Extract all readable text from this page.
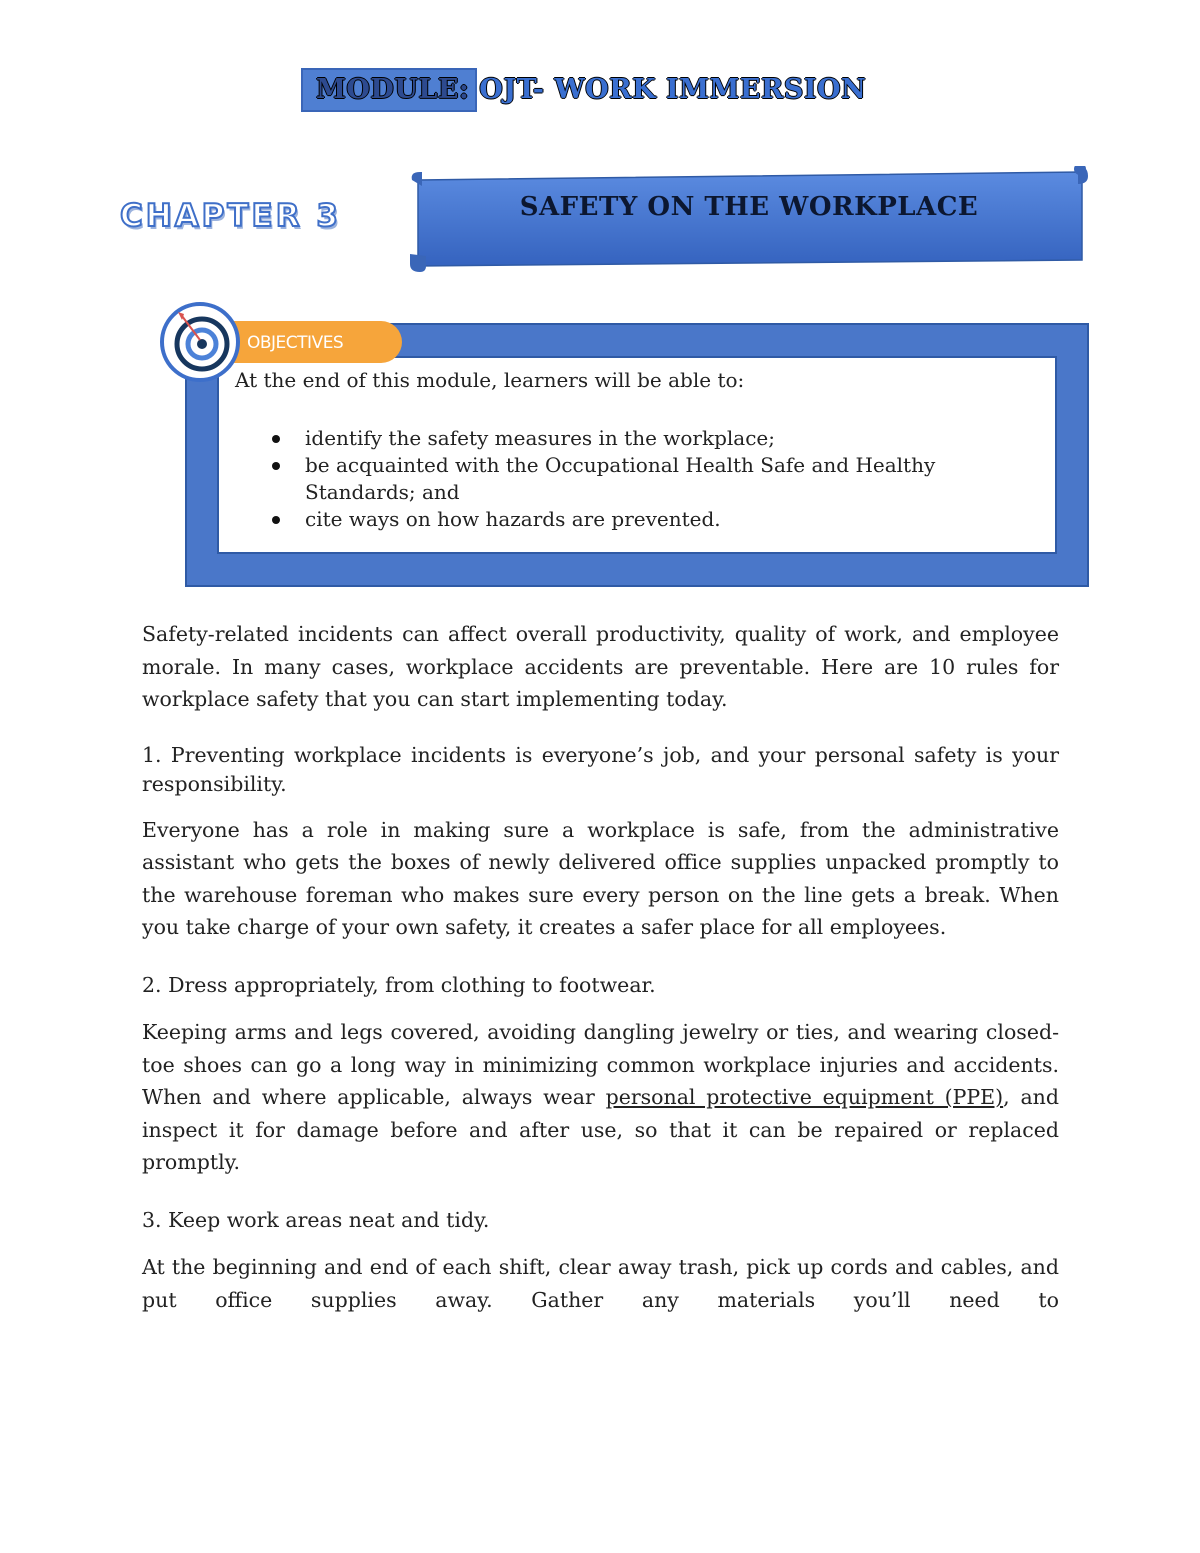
MODULE: OJT- WORK IMMERSION
CHAPTER 3	SAFETY ON THE WORKPLACE
OBJECTIVES
At the end of this module, learners will be able to:
identify the safety measures in the workplace;
be acquainted with the Occupational Health Safe and Healthy Standards; and
cite ways on how hazards are prevented.

Safety-related incidents can affect overall productivity, quality of work, and employee morale. In many cases, workplace accidents are preventable. Here are 10 rules for workplace safety that you can start implementing today.

1. Preventing workplace incidents is everyone’s job, and your personal safety is your responsibility.

Everyone has a role in making sure a workplace is safe, from the administrative assistant who gets the boxes of newly delivered office supplies unpacked promptly to the warehouse foreman who makes sure every person on the line gets a break. When you take charge of your own safety, it creates a safer place for all employees.

2. Dress appropriately, from clothing to footwear.

Keeping arms and legs covered, avoiding dangling jewelry or ties, and wearing closed-toe shoes can go a long way in minimizing common workplace injuries and accidents. When and where applicable, always wear personal protective equipment (PPE), and inspect it for damage before and after use, so that it can be repaired or replaced promptly.

3. Keep work areas neat and tidy.

At the beginning and end of each shift, clear away trash, pick up cords and cables, and put office supplies away. Gather any materials you’ll need to
